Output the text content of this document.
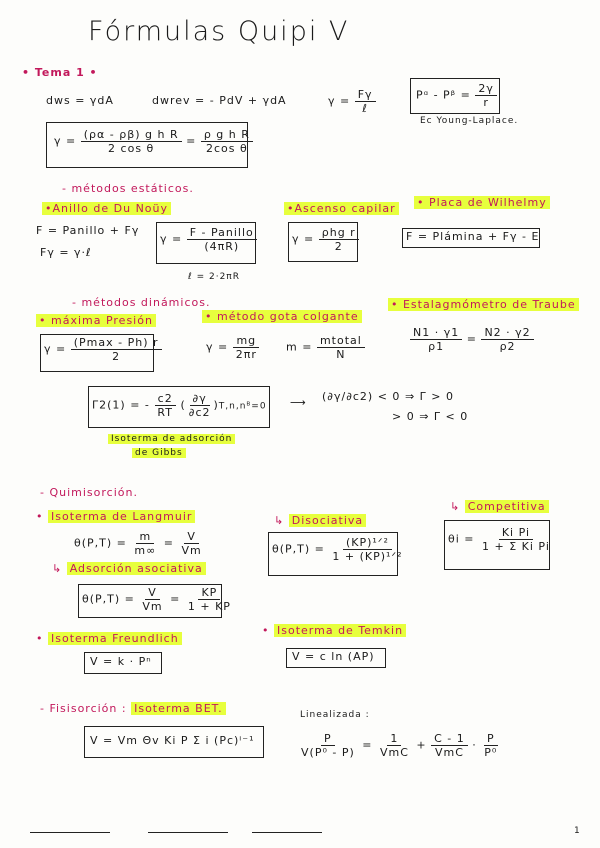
Fórmulas Quipi V
• Tema 1 •
dws = γdA	dwrev = - PdV + γdA	$\gamma = \frac{F\gamma}{\text{ℓ}}$	Pᵅ - Pᵝ = $\frac{2\gamma}{r}$
Ec Young-Laplace.
$\gamma = \frac{\text{(ρα - ρβ) g h R}}{\text{2 cos θ}} = \frac{\text{ρ g h R}}{\text{2cos θ}}$
- métodos estáticos.
•Anillo de Du Noüy
F = Panillo + Fγ
Fγ = γ·ℓ
$\gamma = \frac{\text{F - Panillo}}{(4\pi R)}$
ℓ = 2·2πR
•Ascenso capilar
$\gamma = \frac{\text{ρhg r}}{2}$
• Placa de Wilhelmy
F = Plámina + Fγ - E
- métodos dinámicos.
• máxima Presión
$\gamma = \frac{(Pmax - Ph) r}{2}$
• método gota colgante
$\gamma = \frac{mg}{2\pi r}$ $m = \frac{\text{mtotal}}{N}$
• Estalagmómetro de Traube
$\frac{N1 \cdot \gamma 1}{\rho 1} = \frac{N2 \cdot \gamma 2}{\rho 2}$
Γ2(1) = - $\frac{c2}{RT}$ ( $\frac{\partial\gamma}{\partial c2}$ )T,n,nᴮ=0 ⟶ (∂γ/∂c2) < 0 ⇒ Γ > 0
> 0 ⇒ Γ < 0
Isoterma de adsorción
de Gibbs
- Quimisorción.
• Isoterma de Langmuir
$\theta(P,T) = \frac{m}{m\infty} = \frac{V}{Vm}$
↳ Adsorción asociativa
$\theta(P,T) = \frac{V}{Vm} = \frac{KP}{1 + KP}$
↳ Disociativa
$\theta(P,T) = \frac{\text{(KP)¹ᐟ²}}{\text{1 + (KP)¹ᐟ²}}$
↳ Competitiva
$\theta i = \frac{\text{Ki Pi}}{\text{1 + Σ Ki Pi}}$
• Isoterma Freundlich
V = k · Pⁿ
• Isoterma de Temkin
V = c ln (AP)
- Fisisorción : Isoterma BET.
V = Vm Θv Ki P Σ i (Pc)ⁱ⁻¹
Linealizada :
$\frac{P}{\text{V(P⁰ - P)}} = \frac{1}{\text{VmC}} + \frac{C - 1}{\text{VmC}} \cdot \frac{P}{\text{P⁰}}$
1
